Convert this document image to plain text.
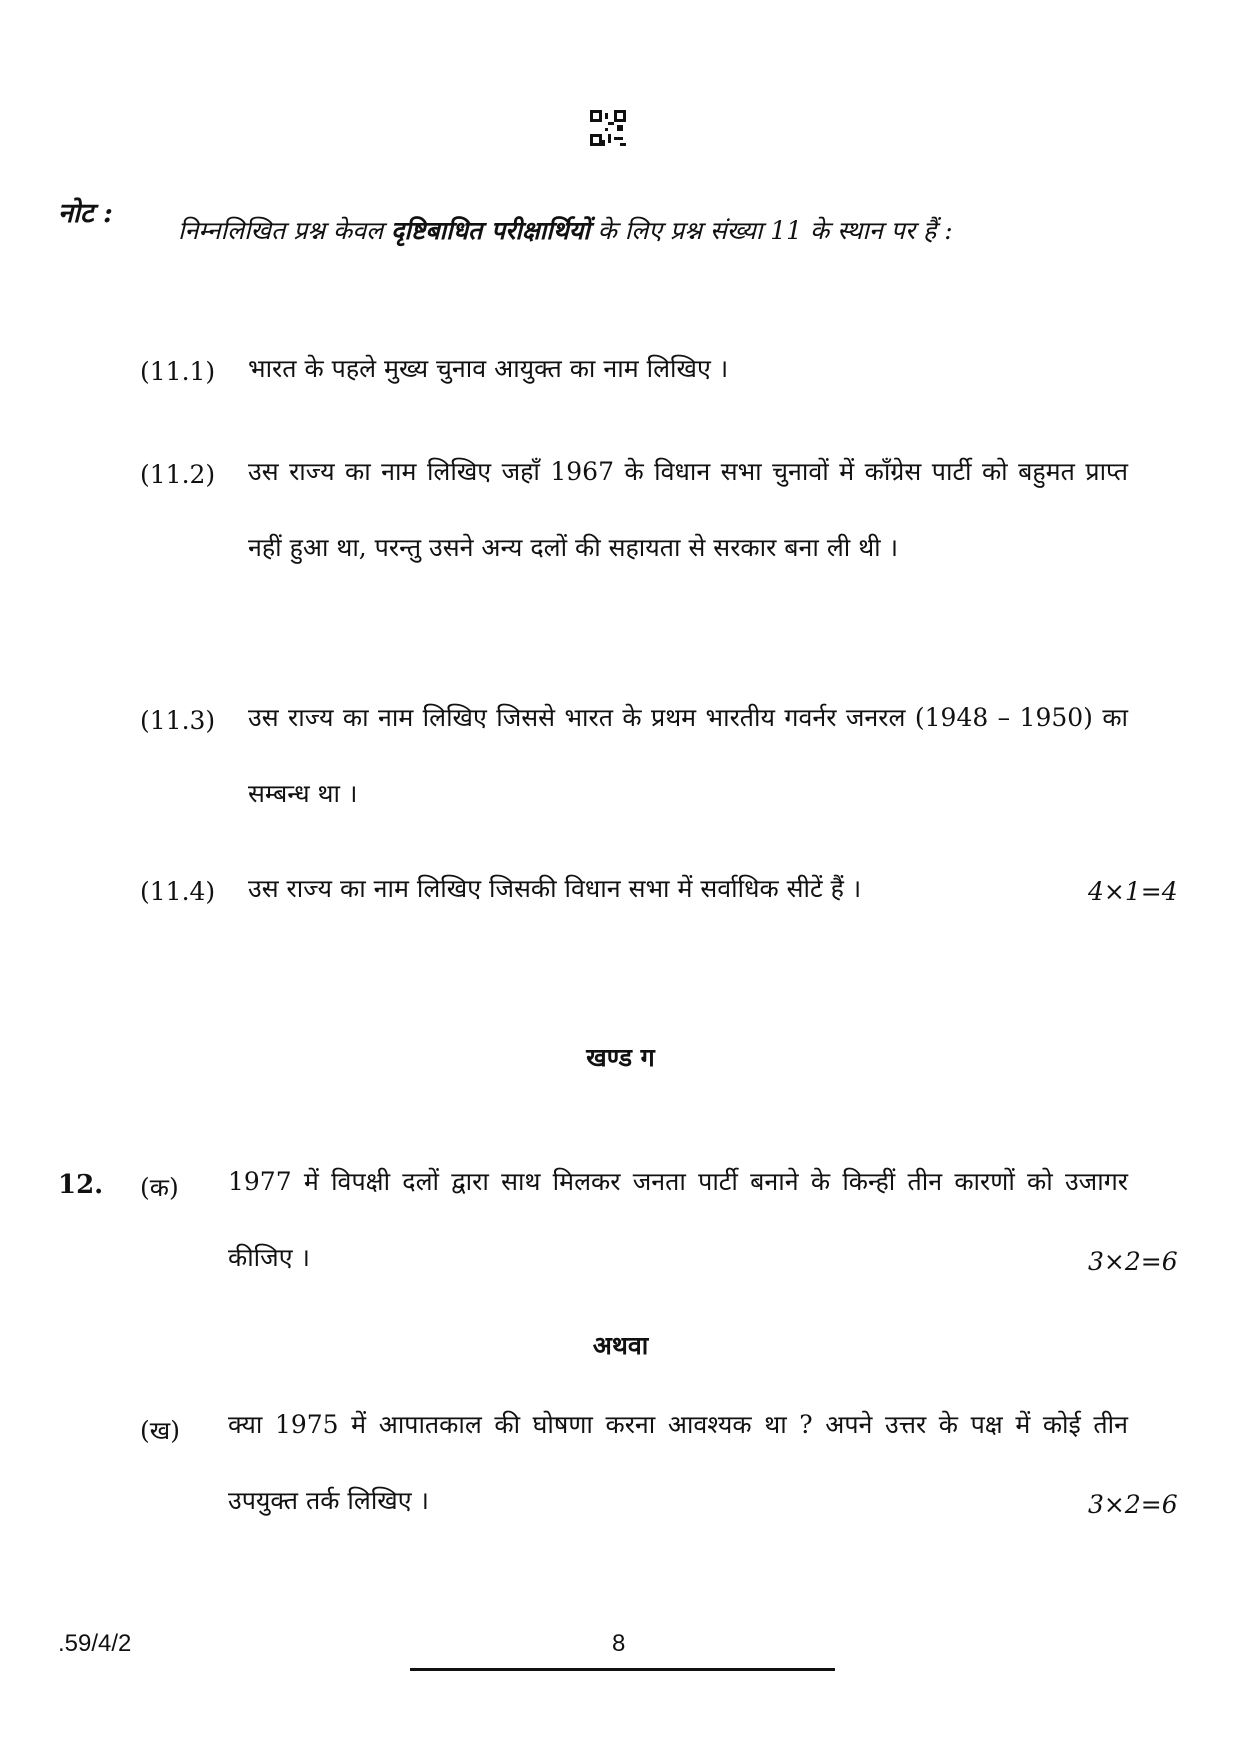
नोट :
निम्नलिखित प्रश्न केवल दृष्टिबाधित परीक्षार्थियों के लिए प्रश्न संख्या 11 के स्थान पर हैं :
(11.1) भारत के पहले मुख्य चुनाव आयुक्त का नाम लिखिए ।
(11.2) उस राज्य का नाम लिखिए जहाँ 1967 के विधान सभा चुनावों में काँग्रेस पार्टी को बहुमत प्राप्त नहीं हुआ था, परन्तु उसने अन्य दलों की सहायता से सरकार बना ली थी ।
(11.3) उस राज्य का नाम लिखिए जिससे भारत के प्रथम भारतीय गवर्नर जनरल (1948 – 1950) का सम्बन्ध था ।
(11.4) उस राज्य का नाम लिखिए जिसकी विधान सभा में सर्वाधिक सीटें हैं ।	4×1=4
खण्ड ग
12. (क) 1977 में विपक्षी दलों द्वारा साथ मिलकर जनता पार्टी बनाने के किन्हीं तीन कारणों को उजागर कीजिए ।	3×2=6
अथवा
(ख) क्या 1975 में आपातकाल की घोषणा करना आवश्यक था ? अपने उत्तर के पक्ष में कोई तीन उपयुक्त तर्क लिखिए ।	3×2=6
.59/4/2	8
